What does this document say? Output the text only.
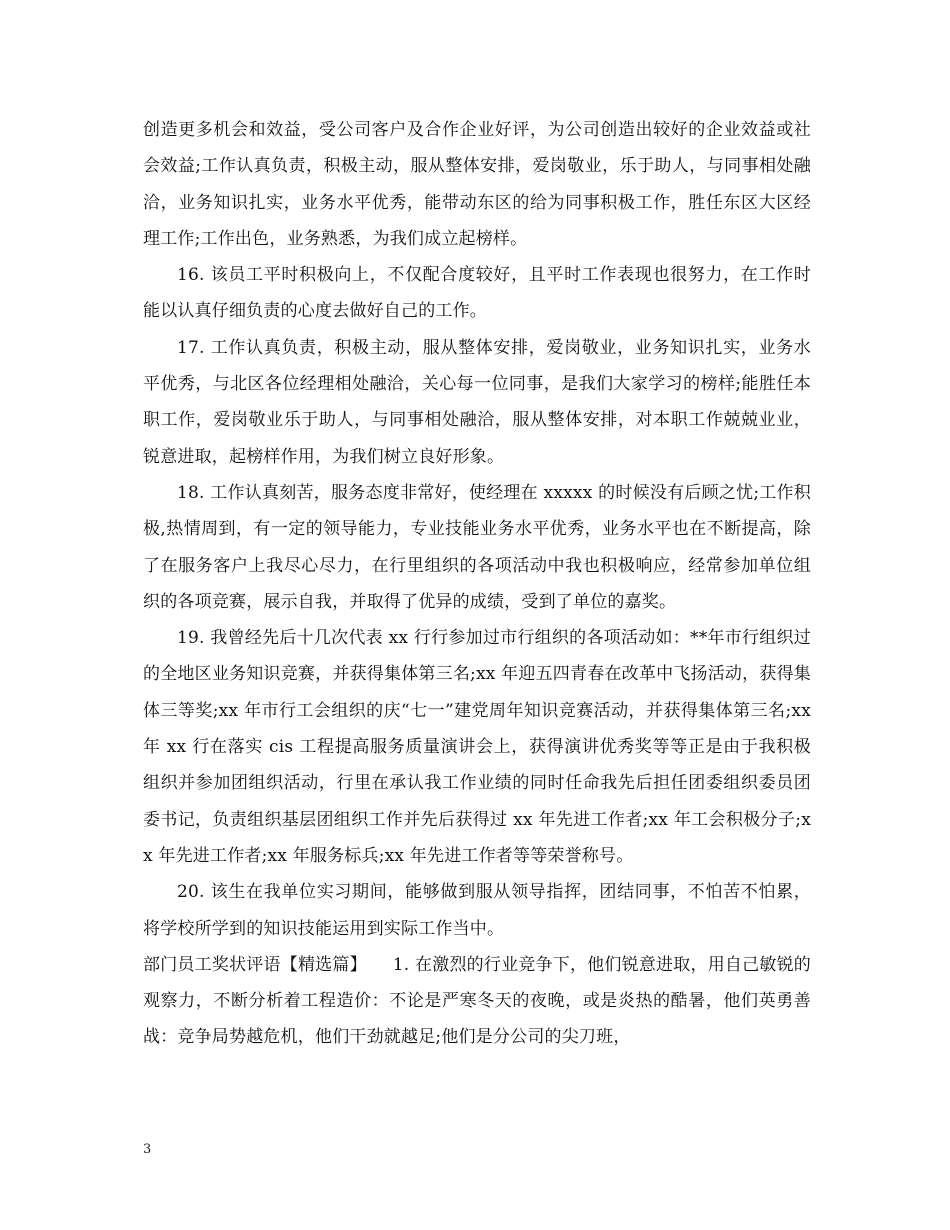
创造更多机会和效益，受公司客户及合作企业好评，为公司创造出较好的企业效益或社会效益;工作认真负责，积极主动，服从整体安排，爱岗敬业，乐于助人，与同事相处融洽，业务知识扎实，业务水平优秀，能带动东区的给为同事积极工作，胜任东区大区经理工作;工作出色，业务熟悉，为我们成立起榜样。

16. 该员工平时积极向上，不仅配合度较好，且平时工作表现也很努力，在工作时能以认真仔细负责的心度去做好自己的工作。

17. 工作认真负责，积极主动，服从整体安排，爱岗敬业，业务知识扎实，业务水平优秀，与北区各位经理相处融洽，关心每一位同事，是我们大家学习的榜样;能胜任本职工作，爱岗敬业乐于助人，与同事相处融洽，服从整体安排，对本职工作兢兢业业，锐意进取，起榜样作用，为我们树立良好形象。

18. 工作认真刻苦，服务态度非常好，使经理在 xxxxx 的时候没有后顾之忧;工作积极,热情周到，有一定的领导能力，专业技能业务水平优秀，业务水平也在不断提高，除了在服务客户上我尽心尽力，在行里组织的各项活动中我也积极响应，经常参加单位组织的各项竞赛，展示自我，并取得了优异的成绩，受到了单位的嘉奖。

19. 我曾经先后十几次代表 xx 行行参加过市行组织的各项活动如：**年市行组织过的全地区业务知识竞赛，并获得集体第三名;xx 年迎五四青春在改革中飞扬活动，获得集体三等奖;xx 年市行工会组织的庆“七一”建党周年知识竞赛活动，并获得集体第三名;xx 年 xx 行在落实 cis 工程提高服务质量演讲会上，获得演讲优秀奖等等正是由于我积极组织并参加团组织活动，行里在承认我工作业绩的同时任命我先后担任团委组织委员团委书记，负责组织基层团组织工作并先后获得过 xx 年先进工作者;xx 年工会积极分子;xx 年先进工作者;xx 年服务标兵;xx 年先进工作者等等荣誉称号。

20. 该生在我单位实习期间，能够做到服从领导指挥，团结同事，不怕苦不怕累，将学校所学到的知识技能运用到实际工作当中。

部门员工奖状评语【精选篇】　　1. 在激烈的行业竞争下，他们锐意进取，用自己敏锐的观察力，不断分析着工程造价：不论是严寒冬天的夜晚，或是炎热的酷暑，他们英勇善战：竞争局势越危机，他们干劲就越足;他们是分公司的尖刀班，

3
